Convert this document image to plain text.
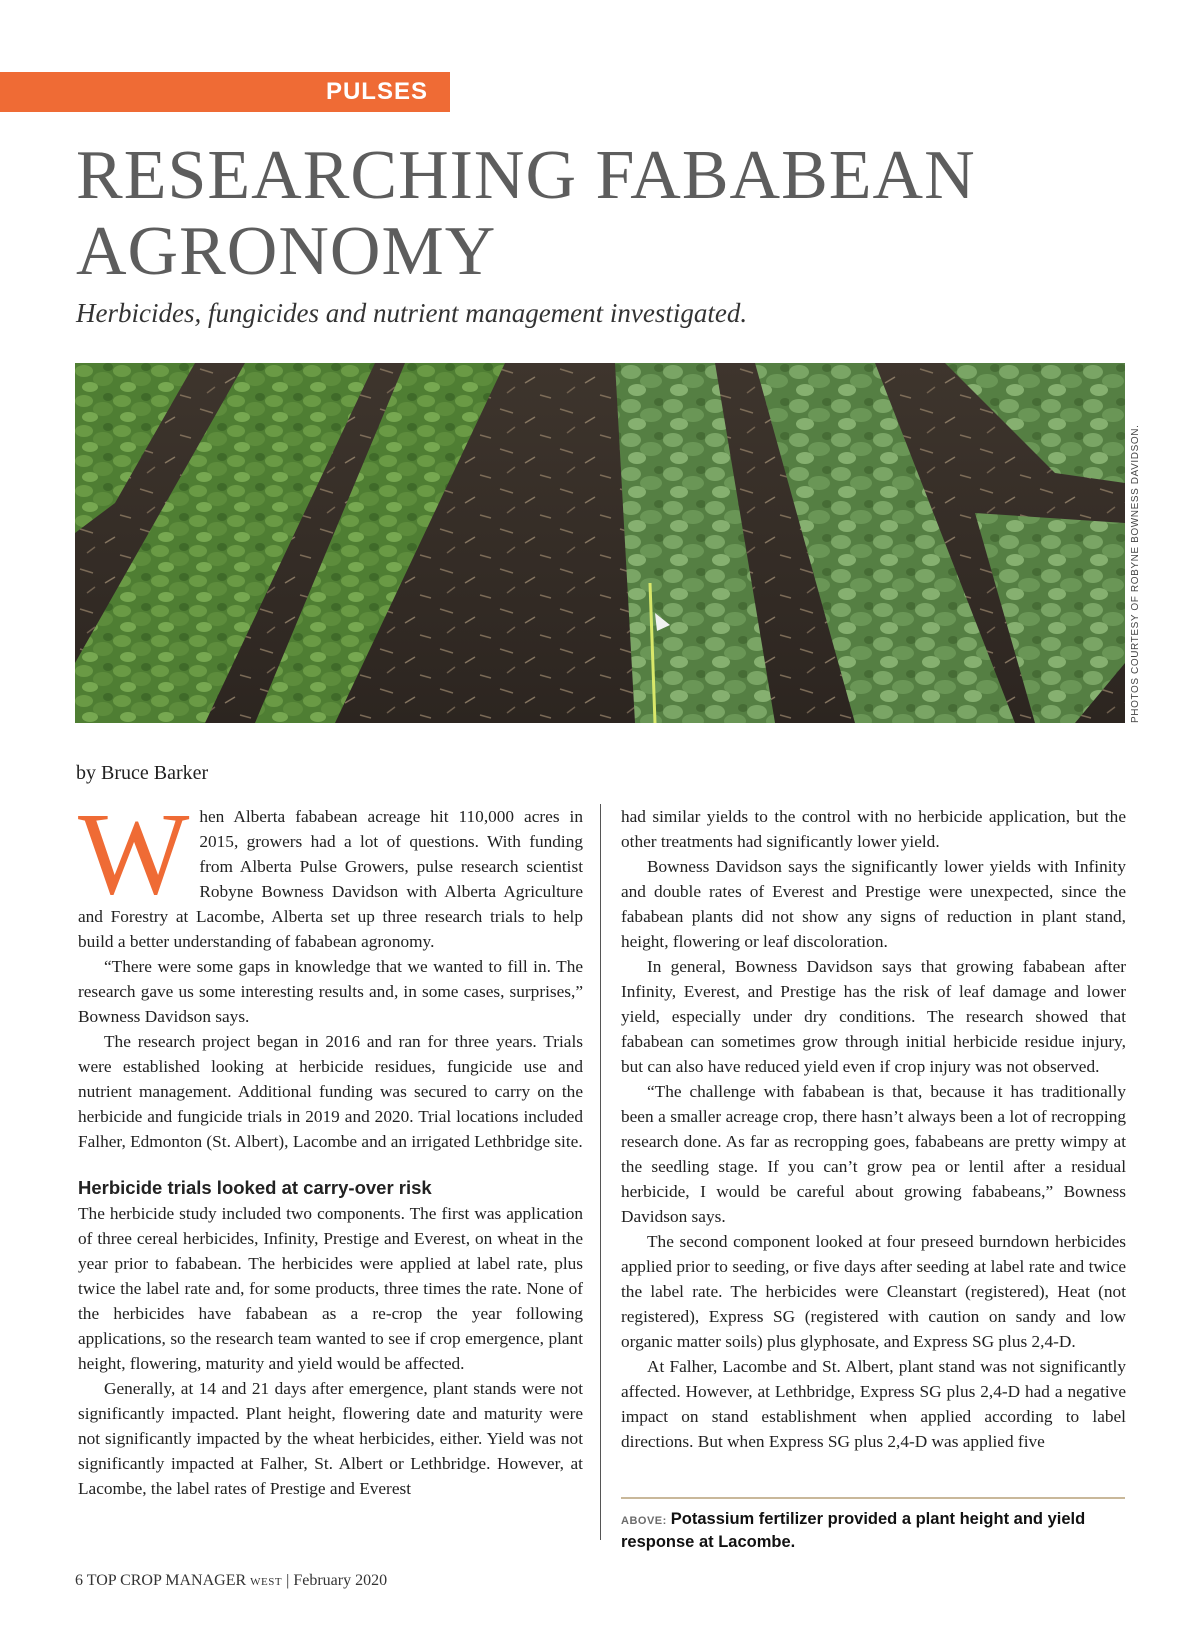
PULSES
RESEARCHING FABABEAN AGRONOMY

Herbicides, fungicides and nutrient management investigated.

PHOTOS COURTESY OF ROBYNE BOWNESS DAVIDSON.
by Bruce Barker

When Alberta fababean acreage hit 110,000 acres in 2015, growers had a lot of questions. With funding from Alberta Pulse Growers, pulse research scientist Robyne Bowness Davidson with Alberta Agriculture and Forestry at Lacombe, Alberta set up three research trials to help build a better understanding of fababean agronomy.

“There were some gaps in knowledge that we wanted to fill in. The research gave us some interesting results and, in some cases, surprises,” Bowness Davidson says.

The research project began in 2016 and ran for three years. Trials were established looking at herbicide residues, fungicide use and nutrient management. Additional funding was secured to carry on the herbicide and fungicide trials in 2019 and 2020. Trial locations included Falher, Edmonton (St. Albert), Lacombe and an irrigated Lethbridge site.

Herbicide trials looked at carry-over risk

The herbicide study included two components. The first was application of three cereal herbicides, Infinity, Prestige and Everest, on wheat in the year prior to fababean. The herbicides were applied at label rate, plus twice the label rate and, for some products, three times the rate. None of the herbicides have fababean as a re-crop the year following applications, so the research team wanted to see if crop emergence, plant height, flowering, maturity and yield would be affected.

Generally, at 14 and 21 days after emergence, plant stands were not significantly impacted. Plant height, flowering date and maturity were not significantly impacted by the wheat herbicides, either. Yield was not significantly impacted at Falher, St. Albert or Lethbridge. However, at Lacombe, the label rates of Prestige and Everest

had similar yields to the control with no herbicide application, but the other treatments had significantly lower yield.

Bowness Davidson says the significantly lower yields with Infinity and double rates of Everest and Prestige were unexpected, since the fababean plants did not show any signs of reduction in plant stand, height, flowering or leaf discoloration.

In general, Bowness Davidson says that growing fababean after Infinity, Everest, and Prestige has the risk of leaf damage and lower yield, especially under dry conditions. The research showed that fababean can sometimes grow through initial herbicide residue injury, but can also have reduced yield even if crop injury was not observed.

“The challenge with fababean is that, because it has traditionally been a smaller acreage crop, there hasn’t always been a lot of recropping research done. As far as recropping goes, fababeans are pretty wimpy at the seedling stage. If you can’t grow pea or lentil after a residual herbicide, I would be careful about growing fababeans,” Bowness Davidson says.

The second component looked at four preseed burndown herbicides applied prior to seeding, or five days after seeding at label rate and twice the label rate. The herbicides were Cleanstart (registered), Heat (not registered), Express SG (registered with caution on sandy and low organic matter soils) plus glyphosate, and Express SG plus 2,4-D.

At Falher, Lacombe and St. Albert, plant stand was not significantly affected. However, at Lethbridge, Express SG plus 2,4-D had a negative impact on stand establishment when applied according to label directions. But when Express SG plus 2,4-D was applied five

ABOVE: Potassium fertilizer provided a plant height and yield response at Lacombe.
6 TOP CROP MANAGER WEST | February 2020
